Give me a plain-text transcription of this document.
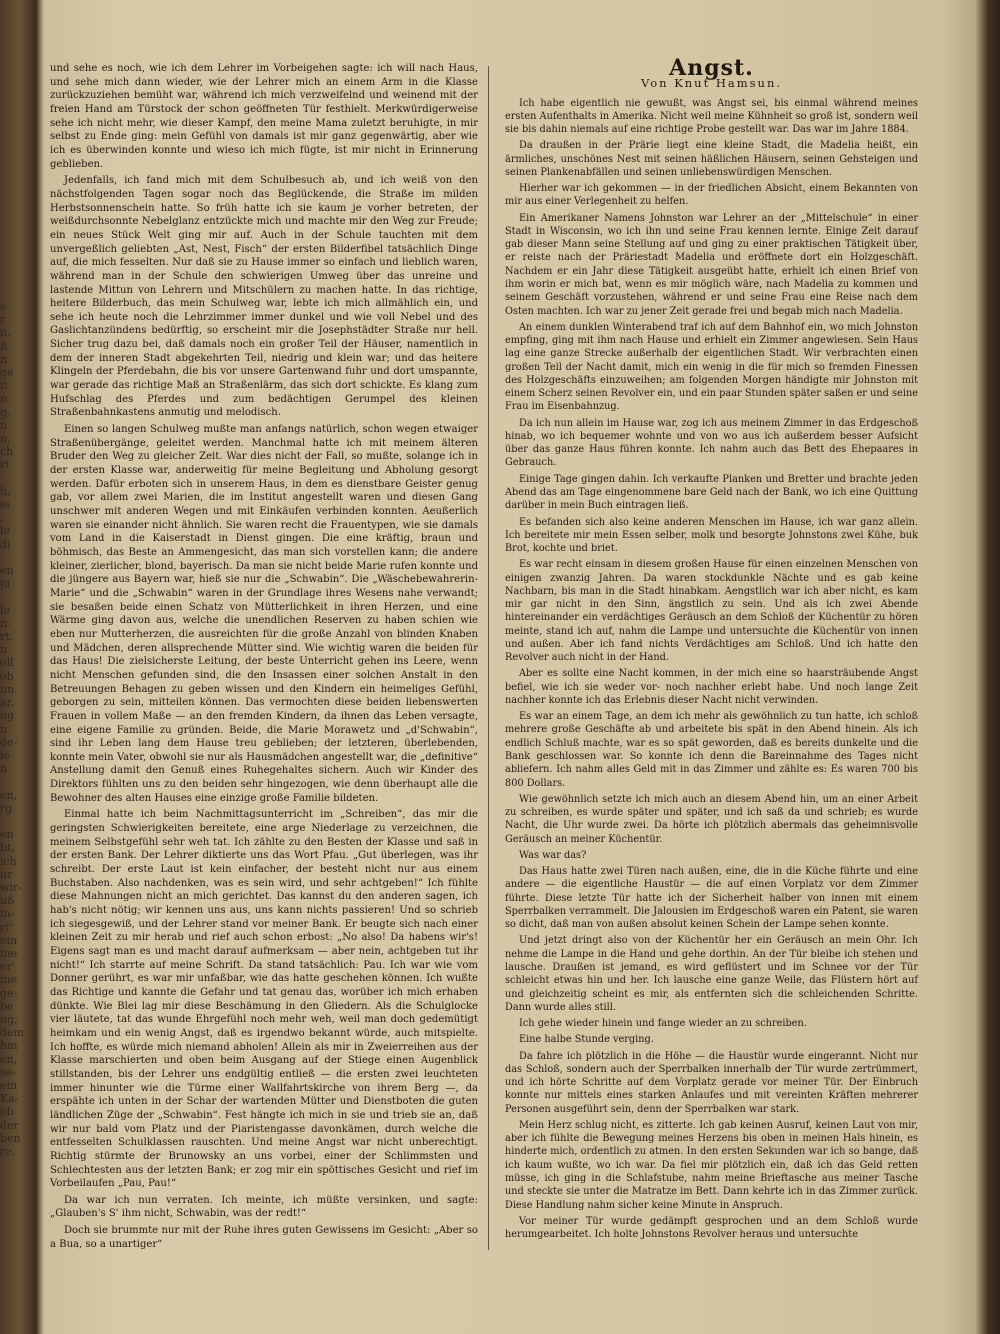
e
r
n.
ß
n
ge
it
n
g,
n
n,
ch
rt

h,
ie
,
le
di

en
ju

le
n-
rt,
n
oll
ob
un
ar,
ng
n
de-
ie-
n

en,
rg

en
bt,
ich
ur
wir-
uß
in-
rt'
ein
ine
er'
ine
ge-
be
ng,
dem
hm
en,
se-
ein
Ka-
ob
der
ben
re,

und sehe es noch, wie ich dem Lehrer im Vorbeigehen sagte: ich will nach Haus, und sehe mich dann wieder, wie der Lehrer mich an einem Arm in die Klasse zurückzuziehen bemüht war, während ich mich verzweifelnd und weinend mit der freien Hand am Türstock der schon geöffneten Tür festhielt. Merkwürdigerweise sehe ich nicht mehr, wie dieser Kampf, den meine Mama zuletzt beruhigte, in mir selbst zu Ende ging: mein Gefühl von damals ist mir ganz gegenwärtig, aber wie ich es überwinden konnte und wieso ich mich fügte, ist mir nicht in Erinnerung geblieben.

Jedenfalls, ich fand mich mit dem Schulbesuch ab, und ich weiß von den nächstfolgenden Tagen sogar noch das Beglückende, die Straße im milden Herbstsonnenschein hatte. So früh hatte ich sie kaum je vorher betreten, der weißdurchsonnte Nebelglanz entzückte mich und machte mir den Weg zur Freude; ein neues Stück Welt ging mir auf. Auch in der Schule tauchten mit dem unvergeßlich geliebten „Ast, Nest, Fisch“ der ersten Bilderfibel tatsächlich Dinge auf, die mich fesselten. Nur daß sie zu Hause immer so einfach und lieblich waren, während man in der Schule den schwierigen Umweg über das unreine und lastende Mittun von Lehrern und Mitschülern zu machen hatte. In das richtige, heitere Bilderbuch, das mein Schulweg war, lebte ich mich allmählich ein, und sehe ich heute noch die Lehrzimmer immer dunkel und wie voll Nebel und des Gaslichtanzündens bedürftig, so erscheint mir die Josephstädter Straße nur hell. Sicher trug dazu bei, daß damals noch ein großer Teil der Häuser, namentlich in dem der inneren Stadt abgekehrten Teil, niedrig und klein war; und das heitere Klingeln der Pferdebahn, die bis vor unsere Gartenwand fuhr und dort umspannte, war gerade das richtige Maß an Straßenlärm, das sich dort schickte. Es klang zum Hufschlag des Pferdes und zum bedächtigen Gerumpel des kleinen Straßenbahnkastens anmutig und melodisch.

Einen so langen Schulweg mußte man anfangs natürlich, schon wegen etwaiger Straßenübergänge, geleitet werden. Manchmal hatte ich mit meinem älteren Bruder den Weg zu gleicher Zeit. War dies nicht der Fall, so mußte, solange ich in der ersten Klasse war, anderweitig für meine Begleitung und Abholung gesorgt werden. Dafür erboten sich in unserem Haus, in dem es dienstbare Geister genug gab, vor allem zwei Marien, die im Institut angestellt waren und diesen Gang unschwer mit anderen Wegen und mit Einkäufen verbinden konnten. Aeußerlich waren sie einander nicht ähnlich. Sie waren recht die Frauentypen, wie sie damals vom Land in die Kaiserstadt in Dienst gingen. Die eine kräftig, braun und böhmisch, das Beste an Ammengesicht, das man sich vorstellen kann; die andere kleiner, zierlicher, blond, bayerisch. Da man sie nicht beide Marie rufen konnte und die jüngere aus Bayern war, hieß sie nur die „Schwabin“. Die „Wäschebewahrerin-Marie“ und die „Schwabin“ waren in der Grundlage ihres Wesens nahe verwandt; sie besaßen beide einen Schatz von Mütterlichkeit in ihren Herzen, und eine Wärme ging davon aus, welche die unendlichen Reserven zu haben schien wie eben nur Mutterherzen, die ausreichten für die große Anzahl von blinden Knaben und Mädchen, deren allsprechende Mütter sind. Wie wichtig waren die beiden für das Haus! Die zielsicherste Leitung, der beste Unterricht gehen ins Leere, wenn nicht Menschen gefunden sind, die den Insassen einer solchen Anstalt in den Betreuungen Behagen zu geben wissen und den Kindern ein heimeliges Gefühl, geborgen zu sein, mitteilen können. Das vermochten diese beiden liebenswerten Frauen in vollem Maße — an den fremden Kindern, da ihnen das Leben versagte, eine eigene Familie zu gründen. Beide, die Marie Morawetz und „d'Schwabin“, sind ihr Leben lang dem Hause treu geblieben; der letzteren, überlebenden, konnte mein Vater, obwohl sie nur als Hausmädchen angestellt war, die „definitive“ Anstellung damit den Genuß eines Ruhegehaltes sichern. Auch wir Kinder des Direktors fühlten uns zu den beiden sehr hingezogen, wie denn überhaupt alle die Bewohner des alten Hauses eine einzige große Familie bildeten.

Einmal hatte ich beim Nachmittagsunterricht im „Schreiben“, das mir die geringsten Schwierigkeiten bereitete, eine arge Niederlage zu verzeichnen, die meinem Selbstgefühl sehr weh tat. Ich zählte zu den Besten der Klasse und saß in der ersten Bank. Der Lehrer diktierte uns das Wort Pfau. „Gut überlegen, was ihr schreibt. Der erste Laut ist kein einfacher, der besteht nicht nur aus einem Buchstaben. Also nachdenken, was es sein wird, und sehr achtgeben!“ Ich fühlte diese Mahnungen nicht an mich gerichtet. Das kannst du den anderen sagen, ich hab's nicht nötig; wir kennen uns aus, uns kann nichts passieren! Und so schrieb ich siegesgewiß, und der Lehrer stand vor meiner Bank. Er beugte sich nach einer kleinen Zeit zu mir herab und rief auch schon erbost: „No also! Da habens wir's! Eigens sagt man es und macht darauf aufmerksam — aber nein, achtgeben tut ihr nicht!“ Ich starrte auf meine Schrift. Da stand tatsächlich: Pau. Ich war wie vom Donner gerührt, es war mir unfaßbar, wie das hatte geschehen können. Ich wußte das Richtige und kannte die Gefahr und tat genau das, worüber ich mich erhaben dünkte. Wie Blei lag mir diese Beschämung in den Gliedern. Als die Schulglocke vier läutete, tat das wunde Ehrgefühl noch mehr weh, weil man doch gedemütigt heimkam und ein wenig Angst, daß es irgendwo bekannt würde, auch mitspielte. Ich hoffte, es würde mich niemand abholen! Allein als mir in Zweierreihen aus der Klasse marschierten und oben beim Ausgang auf der Stiege einen Augenblick stillstanden, bis der Lehrer uns endgültig entließ — die ersten zwei leuchteten immer hinunter wie die Türme einer Wallfahrtskirche von ihrem Berg —, da erspähte ich unten in der Schar der wartenden Mütter und Dienstboten die guten ländlichen Züge der „Schwabin“. Fest hängte ich mich in sie und trieb sie an, daß wir nur bald vom Platz und der Piaristengasse davonkämen, durch welche die entfesselten Schulklassen rauschten. Und meine Angst war nicht unberechtigt. Richtig stürmte der Brunowsky an uns vorbei, einer der Schlimmsten und Schlechtesten aus der letzten Bank; er zog mir ein spöttisches Gesicht und rief im Vorbeilaufen „Pau, Pau!“

Da war ich nun verraten. Ich meinte, ich müßte versinken, und sagte: „Glauben's S' ihm nicht, Schwabin, was der redt!“

Doch sie brummte nur mit der Ruhe ihres guten Gewissens im Gesicht: „Aber so a Bua, so a unartiger“

Angst.
Von Knut Hamsun.

Ich habe eigentlich nie gewußt, was Angst sei, bis einmal während meines ersten Aufenthalts in Amerika. Nicht weil meine Kühnheit so groß ist, sondern weil sie bis dahin niemals auf eine richtige Probe gestellt war. Das war im Jahre 1884.

Da draußen in der Prärie liegt eine kleine Stadt, die Madelia heißt, ein ärmliches, unschönes Nest mit seinen häßlichen Häusern, seinen Gehsteigen und seinen Plankenabfällen und seinen unliebenswürdigen Menschen.

Hierher war ich gekommen — in der friedlichen Absicht, einem Bekannten von mir aus einer Verlegenheit zu helfen.

Ein Amerikaner Namens Johnston war Lehrer an der „Mittelschule“ in einer Stadt in Wisconsin, wo ich ihn und seine Frau kennen lernte. Einige Zeit darauf gab dieser Mann seine Stellung auf und ging zu einer praktischen Tätigkeit über, er reiste nach der Präriestadt Madelia und eröffnete dort ein Holzgeschäft. Nachdem er ein Jahr diese Tätigkeit ausgeübt hatte, erhielt ich einen Brief von ihm worin er mich bat, wenn es mir möglich wäre, nach Madelia zu kommen und seinem Geschäft vorzustehen, während er und seine Frau eine Reise nach dem Osten machten. Ich war zu jener Zeit gerade frei und begab mich nach Madelia.

An einem dunklen Winterabend traf ich auf dem Bahnhof ein, wo mich Johnston empfing, ging mit ihm nach Hause und erhielt ein Zimmer angewiesen. Sein Haus lag eine ganze Strecke außerhalb der eigentlichen Stadt. Wir verbrachten einen großen Teil der Nacht damit, mich ein wenig in die für mich so fremden Finessen des Holzgeschäfts einzuweihen; am folgenden Morgen händigte mir Johnston mit einem Scherz seinen Revolver ein, und ein paar Stunden später saßen er und seine Frau im Eisenbahnzug.

Da ich nun allein im Hause war, zog ich aus meinem Zimmer in das Erdgeschoß hinab, wo ich bequemer wohnte und von wo aus ich außerdem besser Aufsicht über das ganze Haus führen konnte. Ich nahm auch das Bett des Ehepaares in Gebrauch.

Einige Tage gingen dahin. Ich verkaufte Planken und Bretter und brachte jeden Abend das am Tage eingenommene bare Geld nach der Bank, wo ich eine Quittung darüber in mein Buch eintragen ließ.

Es befanden sich also keine anderen Menschen im Hause, ich war ganz allein. Ich bereitete mir mein Essen selber, molk und besorgte Johnstons zwei Kühe, buk Brot, kochte und briet.

Es war recht einsam in diesem großen Hause für einen einzelnen Menschen von einigen zwanzig Jahren. Da waren stockdunkle Nächte und es gab keine Nachbarn, bis man in die Stadt hinabkam. Aengstlich war ich aber nicht, es kam mir gar nicht in den Sinn, ängstlich zu sein. Und als ich zwei Abende hintereinander ein verdächtiges Geräusch an dem Schloß der Küchentür zu hören meinte, stand ich auf, nahm die Lampe und untersuchte die Küchentür von innen und außen. Aber ich fand nichts Verdächtiges am Schloß. Und ich hatte den Revolver auch nicht in der Hand.

Aber es sollte eine Nacht kommen, in der mich eine so haarsträubende Angst befiel, wie ich sie weder vor- noch nachher erlebt habe. Und noch lange Zeit nachher konnte ich das Erlebnis dieser Nacht nicht verwinden.

Es war an einem Tage, an dem ich mehr als gewöhnlich zu tun hatte, ich schloß mehrere große Geschäfte ab und arbeitete bis spät in den Abend hinein. Als ich endlich Schluß machte, war es so spät geworden, daß es bereits dunkelte und die Bank geschlossen war. So konnte ich denn die Bareinnahme des Tages nicht abliefern. Ich nahm alles Geld mit in das Zimmer und zählte es: Es waren 700 bis 800 Dollars.

Wie gewöhnlich setzte ich mich auch an diesem Abend hin, um an einer Arbeit zu schreiben, es wurde später und später, und ich saß da und schrieb; es wurde Nacht, die Uhr wurde zwei. Da hörte ich plötzlich abermals das geheimnisvolle Geräusch an meiner Küchentür.

Was war das?

Das Haus hatte zwei Türen nach außen, eine, die in die Küche führte und eine andere — die eigentliche Haustür — die auf einen Vorplatz vor dem Zimmer führte. Diese letzte Tür hatte ich der Sicherheit halber von innen mit einem Sperrbalken verrammelt. Die Jalousien im Erdgeschoß waren ein Patent, sie waren so dicht, daß man von außen absolut keinen Schein der Lampe sehen konnte.

Und jetzt dringt also von der Küchentür her ein Geräusch an mein Ohr. Ich nehme die Lampe in die Hand und gehe dorthin. An der Tür bleibe ich stehen und lausche. Draußen ist jemand, es wird geflüstert und im Schnee vor der Tür schleicht etwas hin und her. Ich lausche eine ganze Weile, das Flüstern hört auf und gleichzeitig scheint es mir, als entfernten sich die schleichenden Schritte. Dann wurde alles still.

Ich gehe wieder hinein und fange wieder an zu schreiben.

Eine halbe Stunde verging.

Da fahre ich plötzlich in die Höhe — die Haustür wurde eingerannt. Nicht nur das Schloß, sondern auch der Sperrbalken innerhalb der Tür wurde zertrümmert, und ich hörte Schritte auf dem Vorplatz gerade vor meiner Tür. Der Einbruch konnte nur mittels eines starken Anlaufes und mit vereinten Kräften mehrerer Personen ausgeführt sein, denn der Sperrbalken war stark.

Mein Herz schlug nicht, es zitterte. Ich gab keinen Ausruf, keinen Laut von mir, aber ich fühlte die Bewegung meines Herzens bis oben in meinen Hals hinein, es hinderte mich, ordentlich zu atmen. In den ersten Sekunden war ich so bange, daß ich kaum wußte, wo ich war. Da fiel mir plötzlich ein, daß ich das Geld retten müsse, ich ging in die Schlafstube, nahm meine Brieftasche aus meiner Tasche und steckte sie unter die Matratze im Bett. Dann kehrte ich in das Zimmer zurück. Diese Handlung nahm sicher keine Minute in Anspruch.

Vor meiner Tür wurde gedämpft gesprochen und an dem Schloß wurde herumgearbeitet. Ich holte Johnstons Revolver heraus und untersuchte
